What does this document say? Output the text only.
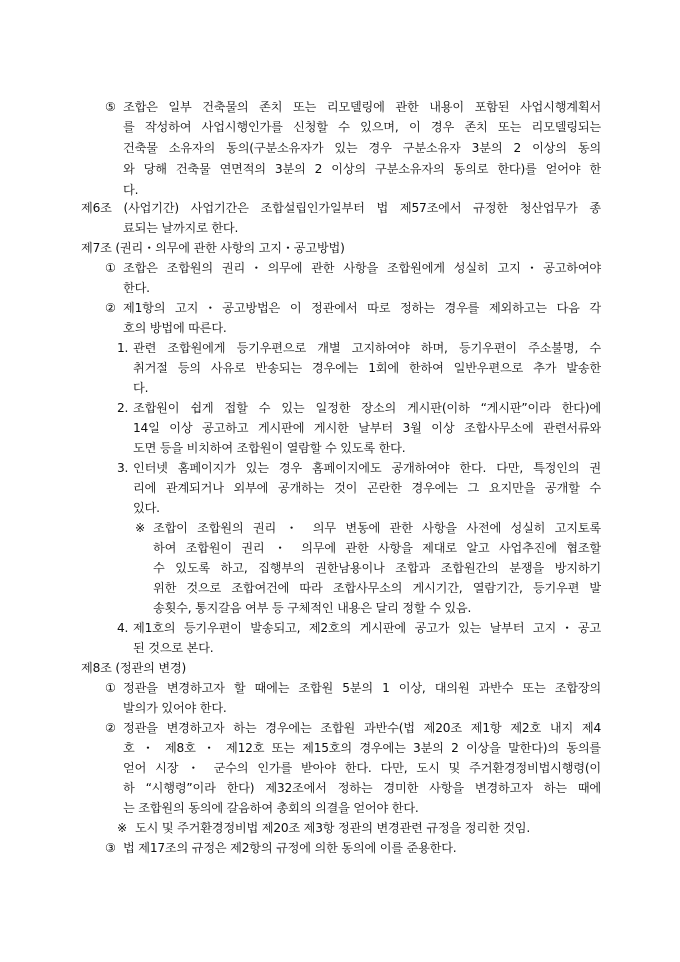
⑤ 조합은 일부 건축물의 존치 또는 리모델링에 관한 내용이 포함된 사업시행계획서
를 작성하여 사업시행인가를 신청할 수 있으며, 이 경우 존치 또는 리모델링되는
건축물 소유자의 동의(구분소유자가 있는 경우 구분소유자 3분의 2 이상의 동의
와 당해 건축물 연면적의 3분의 2 이상의 구분소유자의 동의로 한다)를 얻어야 한
다.
제6조 (사업기간) 사업기간은 조합설립인가일부터 법 제57조에서 규정한 청산업무가 종
료되는 날까지로 한다.
제7조 (권리・의무에 관한 사항의 고지・공고방법)
① 조합은 조합원의 권리・의무에 관한 사항을 조합원에게 성실히 고지・공고하여야
한다.
② 제1항의 고지・공고방법은 이 정관에서 따로 정하는 경우를 제외하고는 다음 각
호의 방법에 따른다.
1. 관련 조합원에게 등기우편으로 개별 고지하여야 하며, 등기우편이 주소불명, 수
취거절 등의 사유로 반송되는 경우에는 1회에 한하여 일반우편으로 추가 발송한
다.
2. 조합원이 쉽게 접할 수 있는 일정한 장소의 게시판(이하 “게시판”이라 한다)에
14일 이상 공고하고 게시판에 게시한 날부터 3월 이상 조합사무소에 관련서류와
도면 등을 비치하여 조합원이 열람할 수 있도록 한다.
3. 인터넷 홈페이지가 있는 경우 홈페이지에도 공개하여야 한다. 다만, 특정인의 권
리에 관계되거나 외부에 공개하는 것이 곤란한 경우에는 그 요지만을 공개할 수
있다.
※ 조합이 조합원의 권리 ・ 의무 변동에 관한 사항을 사전에 성실히 고지토록
하여 조합원이 권리 ・ 의무에 관한 사항을 제대로 알고 사업추진에 협조할
수 있도록 하고, 집행부의 권한남용이나 조합과 조합원간의 분쟁을 방지하기
위한 것으로 조합여건에 따라 조합사무소의 게시기간, 열람기간, 등기우편 발
송횟수, 통지갈음 여부 등 구체적인 내용은 달리 정할 수 있음.
4. 제1호의 등기우편이 발송되고, 제2호의 게시판에 공고가 있는 날부터 고지・공고
된 것으로 본다.
제8조 (정관의 변경)
① 정관을 변경하고자 할 때에는 조합원 5분의 1 이상, 대의원 과반수 또는 조합장의
발의가 있어야 한다.
② 정관을 변경하고자 하는 경우에는 조합원 과반수(법 제20조 제1항 제2호 내지 제4
호 ・ 제8호 ・ 제12호 또는 제15호의 경우에는 3분의 2 이상을 말한다)의 동의를
얻어 시장 ・ 군수의 인가를 받아야 한다. 다만, 도시 및 주거환경정비법시행령(이
하 “시행령”이라 한다) 제32조에서 정하는 경미한 사항을 변경하고자 하는 때에
는 조합원의 동의에 갈음하여 총회의 의결을 얻어야 한다.
※ 도시 및 주거환경정비법 제20조 제3항 정관의 변경관련 규정을 정리한 것임.
③ 법 제17조의 규정은 제2항의 규정에 의한 동의에 이를 준용한다.
